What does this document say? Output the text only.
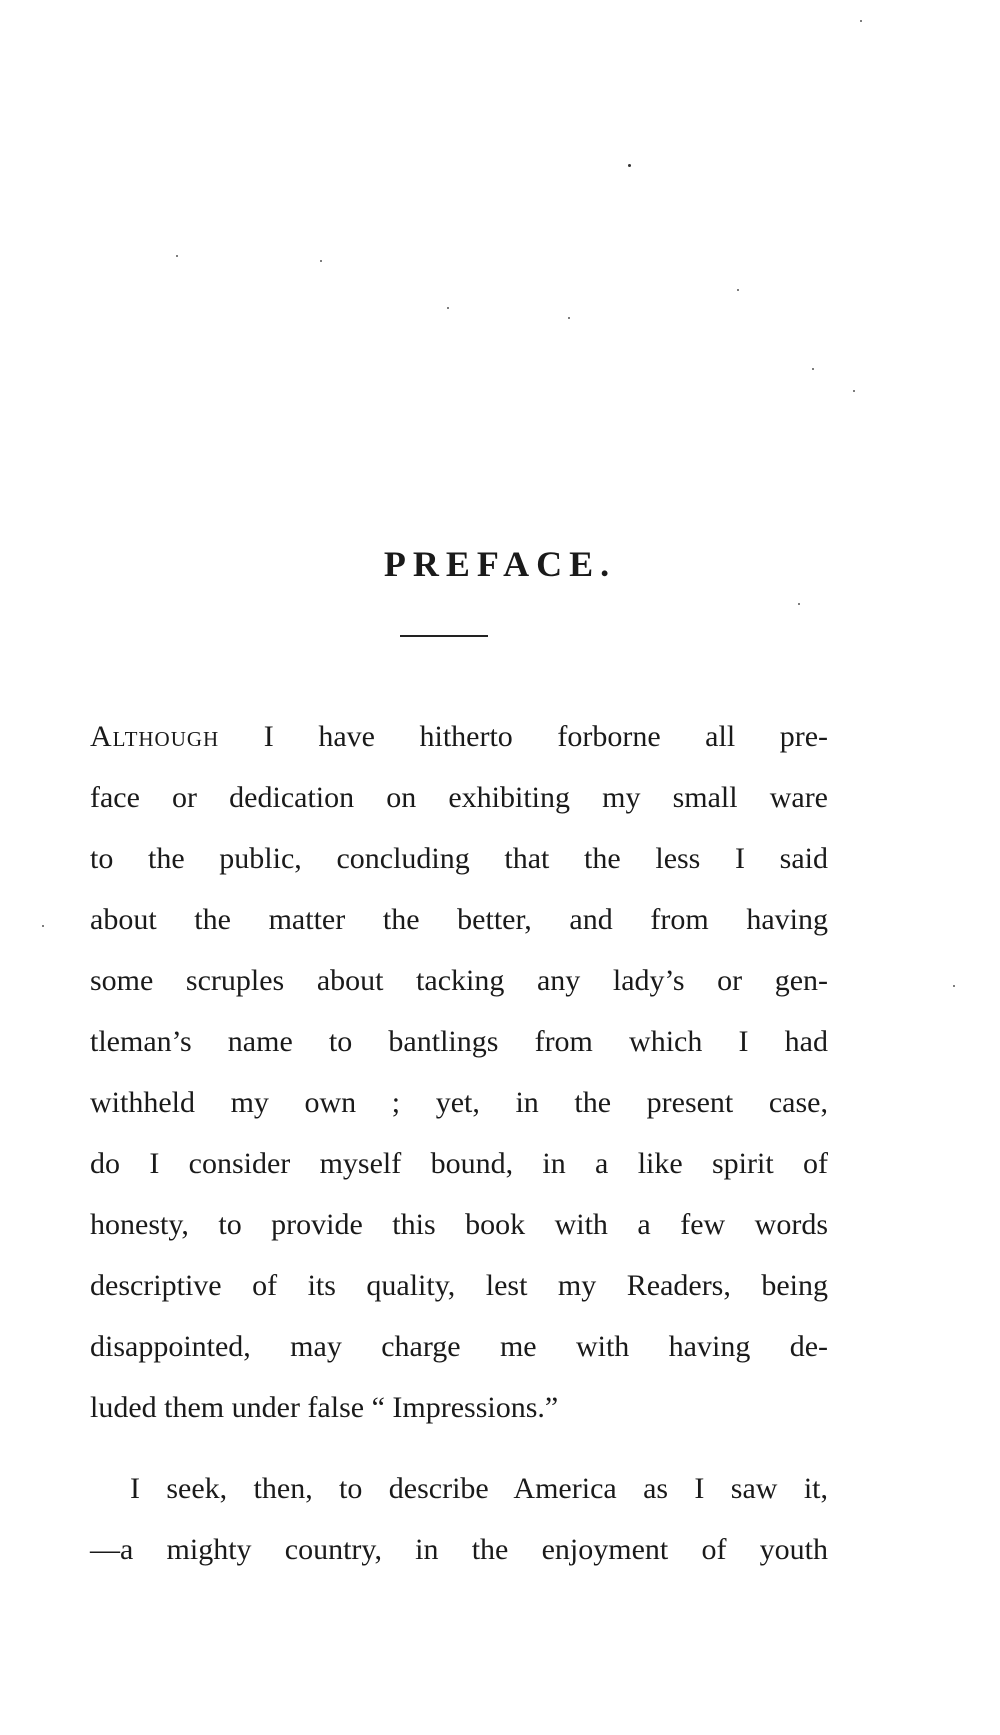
PREFACE.

Although I have hitherto forborne all pre-
face or dedication on exhibiting my small ware
to the public, concluding that the less I said
about the matter the better, and from having
some scruples about tacking any lady’s or gen-
tleman’s name to bantlings from which I had
withheld my own ; yet, in the present case,
do I consider myself bound, in a like spirit of
honesty, to provide this book with a few words
descriptive of its quality, lest my Readers, being
disappointed, may charge me with having de-
luded them under false “ Impressions.”

I seek, then, to describe America as I saw it,
—a mighty country, in the enjoyment of youth
